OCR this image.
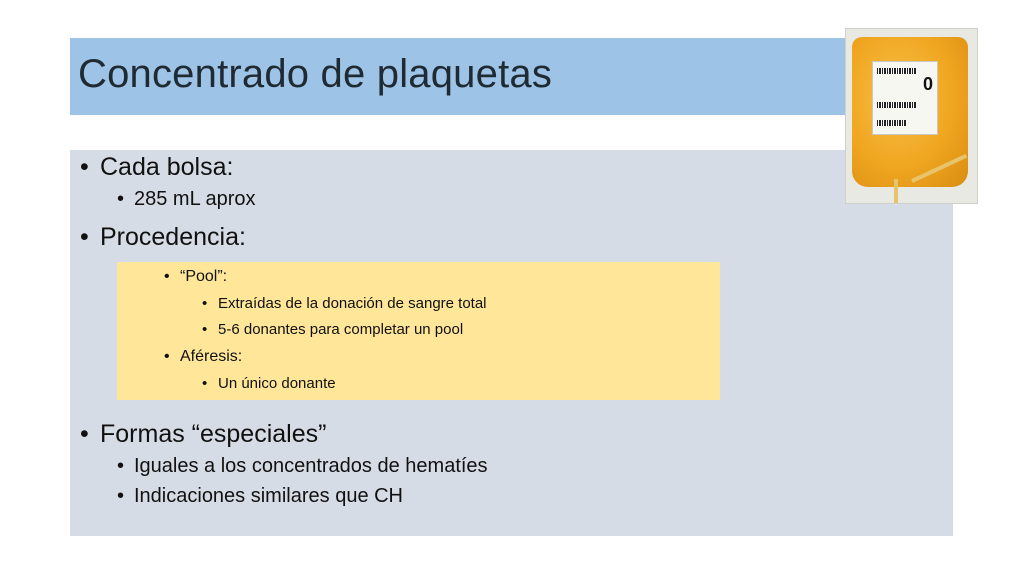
Concentrado de plaquetas
• Cada bolsa:
• 285 mL aprox
• Procedencia:
• “Pool”:
• Extraídas de la donación de sangre total
• 5-6 donantes para completar un pool
• Aféresis:
• Un único donante
• Formas “especiales”
• Iguales a los concentrados de hematíes
• Indicaciones similares que CH
0
